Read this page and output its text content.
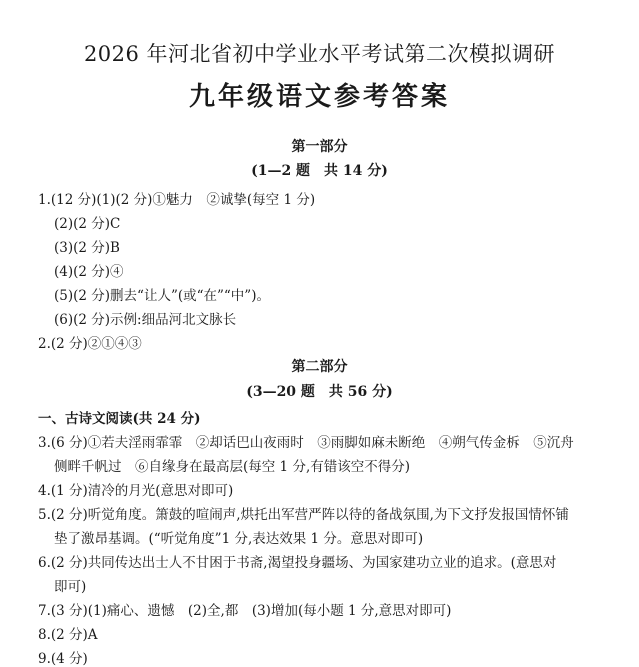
2026 年河北省初中学业水平考试第二次模拟调研
九年级语文参考答案
第一部分
(1—2 题　共 14 分)
1.(12 分)(1)(2 分)①魅力　②诚挚(每空 1 分)
(2)(2 分)C
(3)(2 分)B
(4)(2 分)④
(5)(2 分)删去“让人”(或“在”“中”)。
(6)(2 分)示例:细品河北文脉长
2.(2 分)②①④③
第二部分
(3—20 题　共 56 分)
一、古诗文阅读(共 24 分)
3.(6 分)①若夫淫雨霏霏　②却话巴山夜雨时　③雨脚如麻未断绝　④朔气传金柝　⑤沉舟
侧畔千帆过　⑥自缘身在最高层(每空 1 分,有错该空不得分)
4.(1 分)清冷的月光(意思对即可)
5.(2 分)听觉角度。箫鼓的喧闹声,烘托出军营严阵以待的备战氛围,为下文抒发报国情怀铺
垫了激昂基调。(“听觉角度”1 分,表达效果 1 分。意思对即可)
6.(2 分)共同传达出士人不甘困于书斋,渴望投身疆场、为国家建功立业的追求。(意思对
即可)
7.(3 分)(1)痛心、遗憾　(2)全,都　(3)增加(每小题 1 分,意思对即可)
8.(2 分)A
9.(4 分)
